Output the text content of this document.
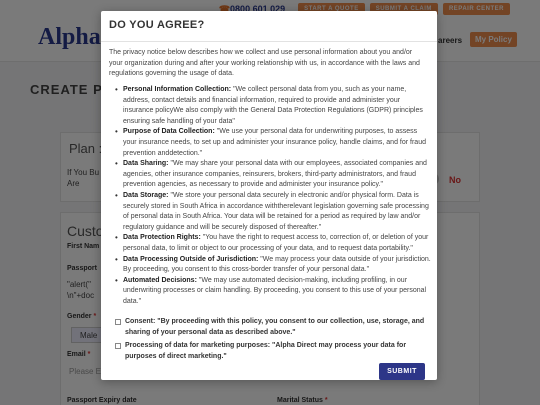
☎
DO YOU AGREE?
The privacy notice below describes how we collect and use personal information about you and/or your organization during and after your working relationship with us, in accordance with the laws and regulations governing the usage of data.
• Personal Information Collection: "We collect personal data from you, such as your name, address, contact details and financial information, required to provide and administer your insurance policyWe also comply with the General Data Protection Regulations (GDPR) principles ensuring safe handling of your data"
• Purpose of Data Collection: "We use your personal data for underwriting purposes, to assess your insurance needs, to set up and administer your insurance policy, handle claims, and for fraud prevention anddetection."
• Data Sharing: "We may share your personal data with our employees, associated companies and agencies, other insurance companies, reinsurers, brokers, third-party administrators, and fraud prevention agencies, as necessary to provide and administer your insurance policy."
• Data Storage: "We store your personal data securely in electronic and/or physical form. Data is securely stored in South Africa in accordance withtherelevant legislation governing safe processing of personal data in South Africa. Your data will be retained for a period as required by law and/or regulatory guidance and will be securely disposed of thereafter."
• Data Protection Rights: "You have the right to request access to, correction of, or deletion of your personal data, to limit or object to our processing of your data, and to request data portability."
• Data Processing Outside of Jurisdiction: "We may process your data outside of your jurisdiction. By proceeding, you consent to this cross-border transfer of your personal data."
• Automated Decisions: "We may use automated decision-making, including profiling, in our underwriting processes or claim handling. By proceeding, you consent to this use of your personal data."
Consent: "By proceeding with this policy, you consent to our collection, use, storage, and sharing of your personal data as described above."
Processing of data for marketing purposes: "Alpha Direct may process your data for purposes of direct marketing."
SUBMIT
